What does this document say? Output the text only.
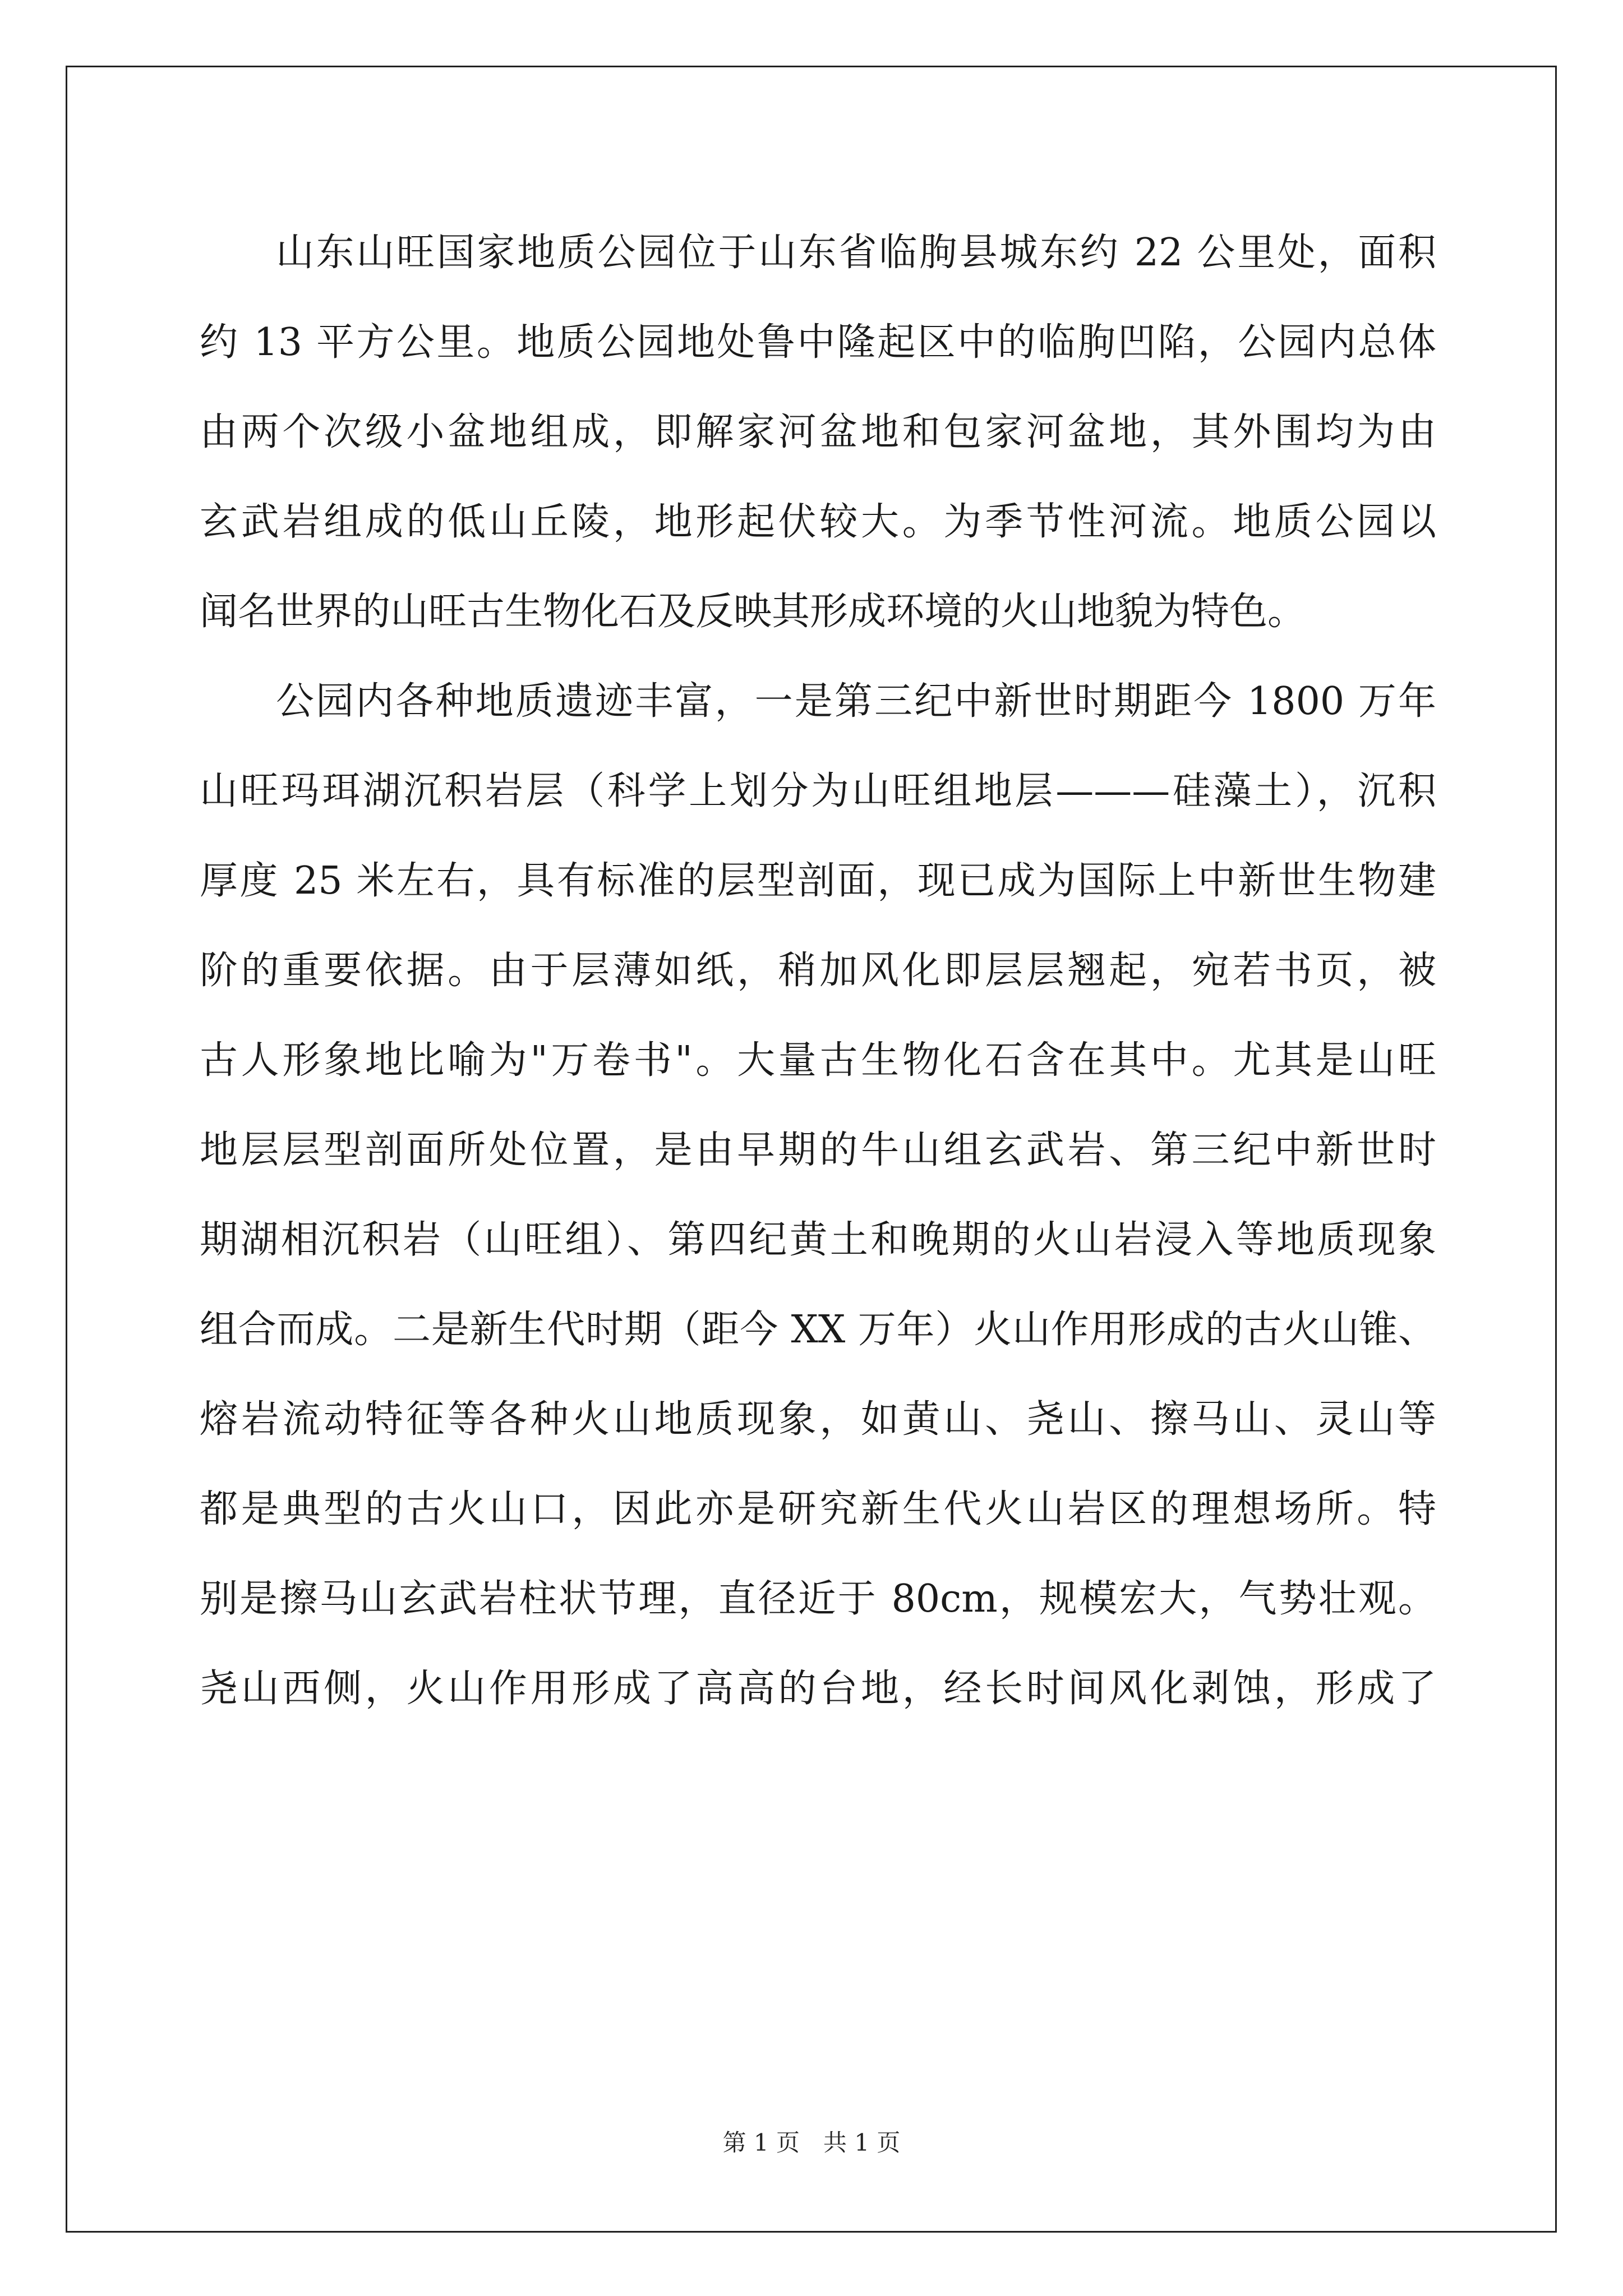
山东山旺国家地质公园位于山东省临朐县城东约 22 公里处，面积
约 13 平方公里。地质公园地处鲁中隆起区中的临朐凹陷，公园内总体
由两个次级小盆地组成，即解家河盆地和包家河盆地，其外围均为由
玄武岩组成的低山丘陵，地形起伏较大。为季节性河流。地质公园以
闻名世界的山旺古生物化石及反映其形成环境的火山地貌为特色。
公园内各种地质遗迹丰富，一是第三纪中新世时期距今 1800 万年
山旺玛珥湖沉积岩层（科学上划分为山旺组地层———硅藻土），沉积
厚度 25 米左右，具有标准的层型剖面，现已成为国际上中新世生物建
阶的重要依据。由于层薄如纸，稍加风化即层层翘起，宛若书页，被
古人形象地比喻为"万卷书"。大量古生物化石含在其中。尤其是山旺
地层层型剖面所处位置，是由早期的牛山组玄武岩、第三纪中新世时
期湖相沉积岩（山旺组）、第四纪黄土和晚期的火山岩浸入等地质现象
组合而成。二是新生代时期（距今 XX 万年）火山作用形成的古火山锥、
熔岩流动特征等各种火山地质现象，如黄山、尧山、擦马山、灵山等
都是典型的古火山口，因此亦是研究新生代火山岩区的理想场所。特
别是擦马山玄武岩柱状节理，直径近于 80cm，规模宏大，气势壮观。
尧山西侧，火山作用形成了高高的台地，经长时间风化剥蚀，形成了
第 1 页 共 1 页
